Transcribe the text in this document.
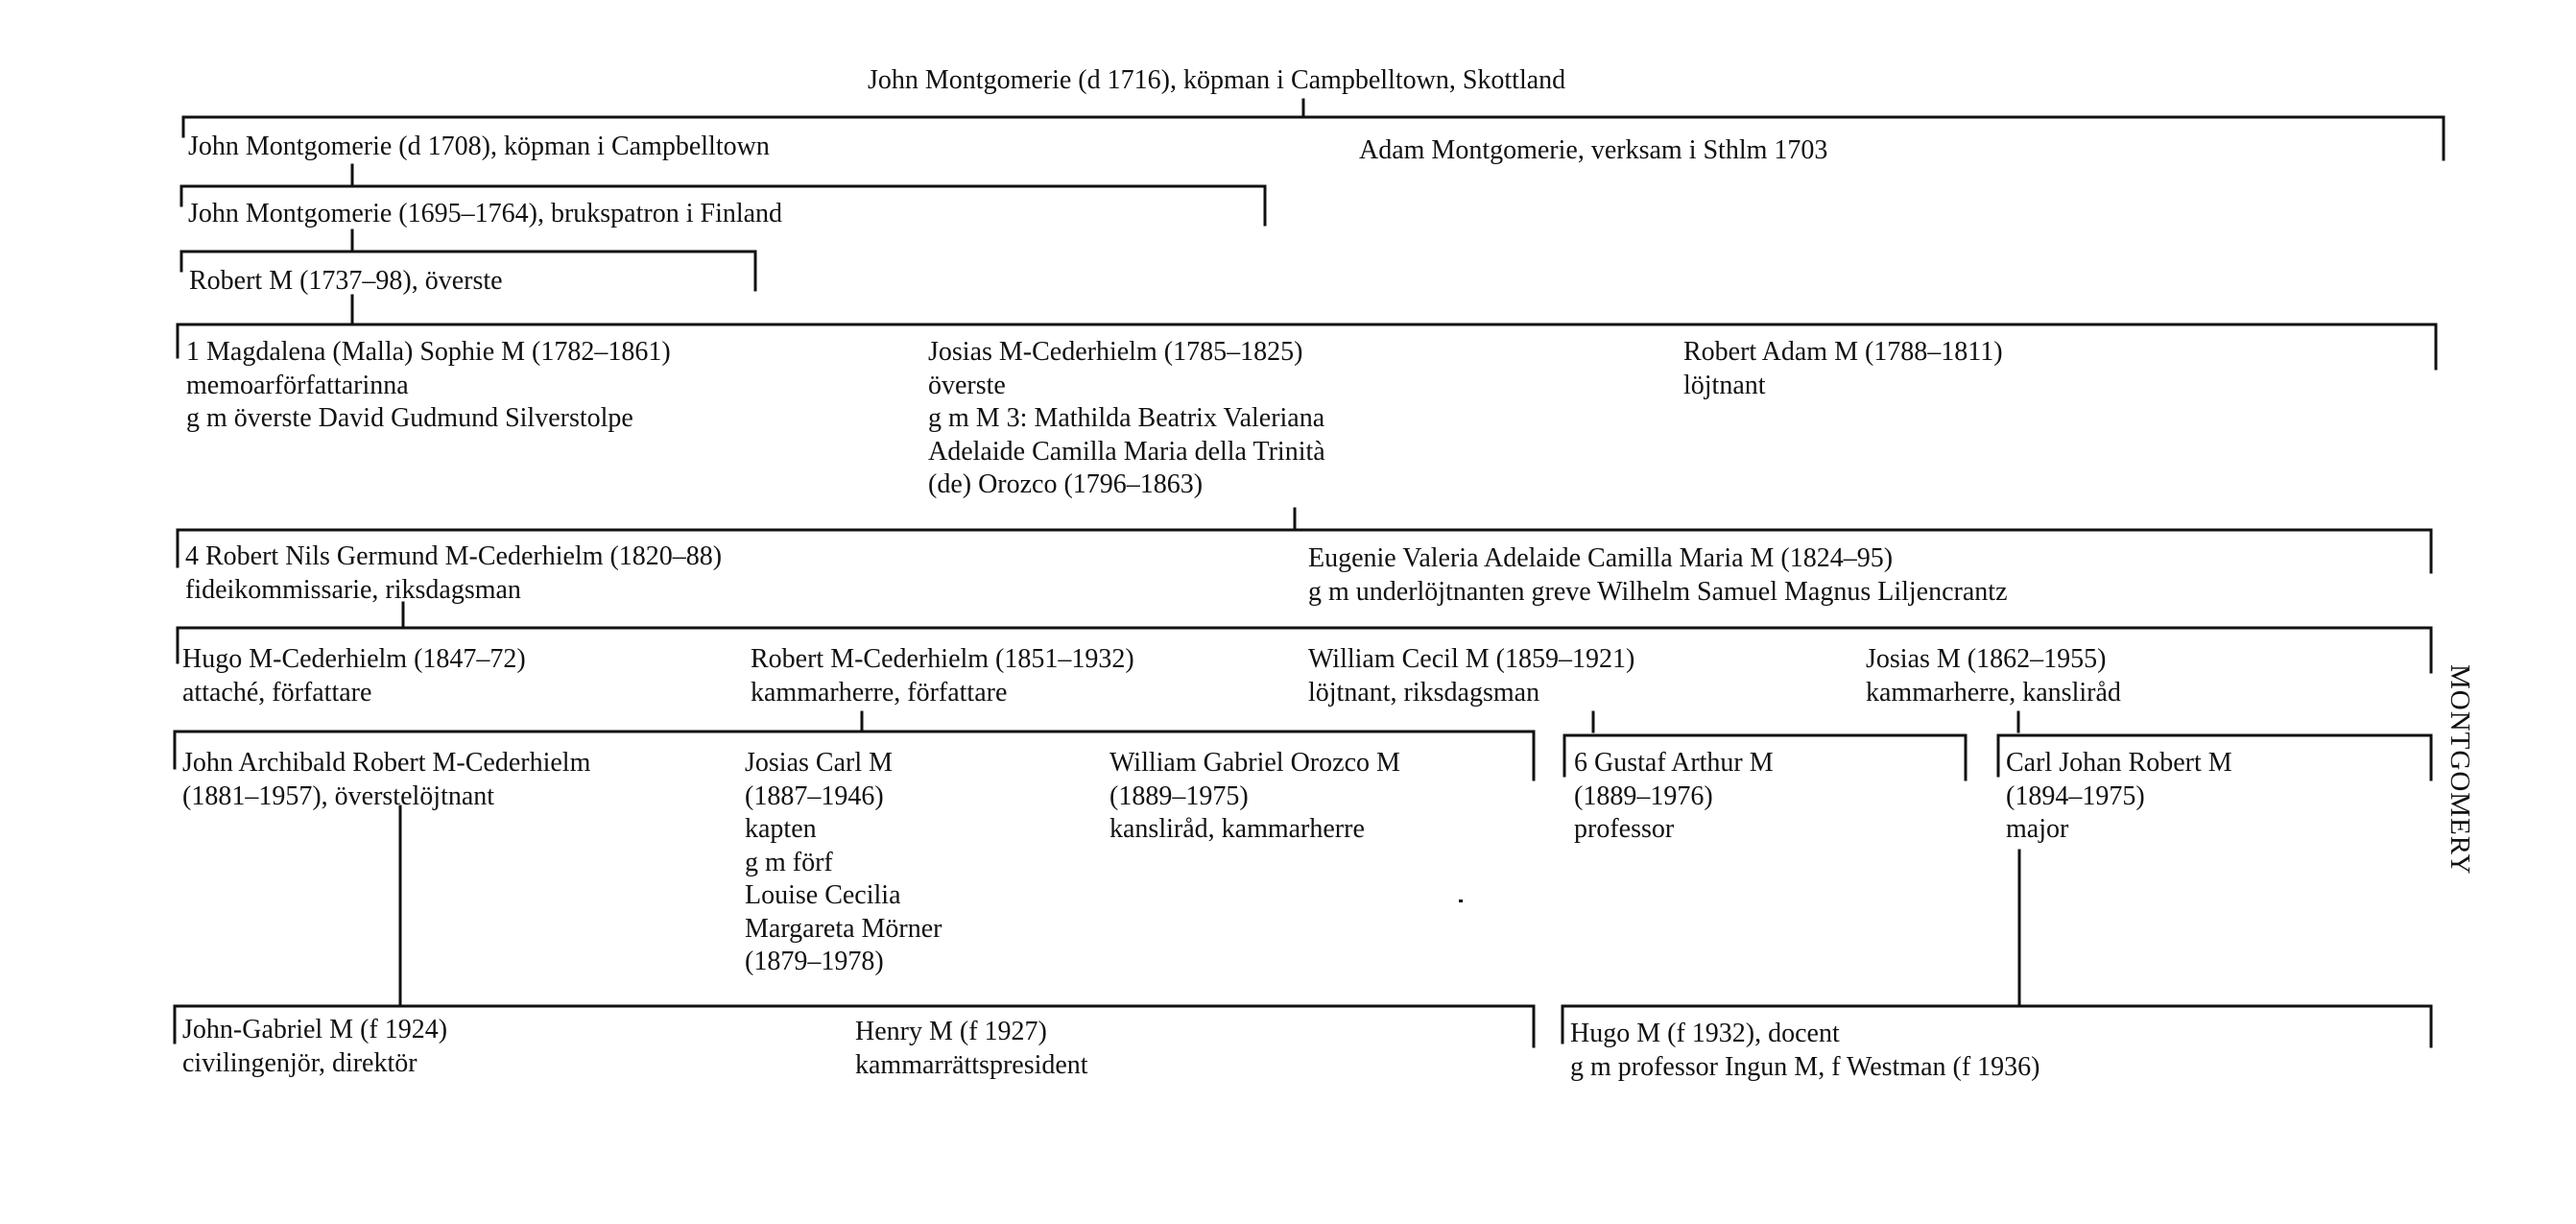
John Montgomerie (d 1716), köpman i Campbelltown, Skottland
John Montgomerie (d 1708), köpman i Campbelltown	Adam Montgomerie, verksam i Sthlm 1703
John Montgomerie (1695–1764), brukspatron i Finland
Robert M (1737–98), överste
1 Magdalena (Malla) Sophie M (1782–1861)
memoarförfattarinna
g m överste David Gudmund Silverstolpe
Josias M-Cederhielm (1785–1825)
överste
g m M 3: Mathilda Beatrix Valeriana
Adelaide Camilla Maria della Trinità
(de) Orozco (1796–1863)
Robert Adam M (1788–1811)
löjtnant
4 Robert Nils Germund M-Cederhielm (1820–88)
fideikommissarie, riksdagsman
Eugenie Valeria Adelaide Camilla Maria M (1824–95)
g m underlöjtnanten greve Wilhelm Samuel Magnus Liljencrantz
Hugo M-Cederhielm (1847–72)
attaché, författare
Robert M-Cederhielm (1851–1932)
kammarherre, författare
William Cecil M (1859–1921)
löjtnant, riksdagsman
Josias M (1862–1955)
kammarherre, kansliråd
John Archibald Robert M-Cederhielm
(1881–1957), överstelöjtnant
Josias Carl M
(1887–1946)
kapten
g m förf
Louise Cecilia
Margareta Mörner
(1879–1978)
William Gabriel Orozco M
(1889–1975)
kanslіråd, kammarherre
6 Gustaf Arthur M
(1889–1976)
professor
Carl Johan Robert M
(1894–1975)
major
John-Gabriel M (f 1924)
civilingenjör, direktör
Henry M (f 1927)
kammarrättspresident
Hugo M (f 1932), docent
g m professor Ingun M, f Westman (f 1936)
MONTGOMERY
